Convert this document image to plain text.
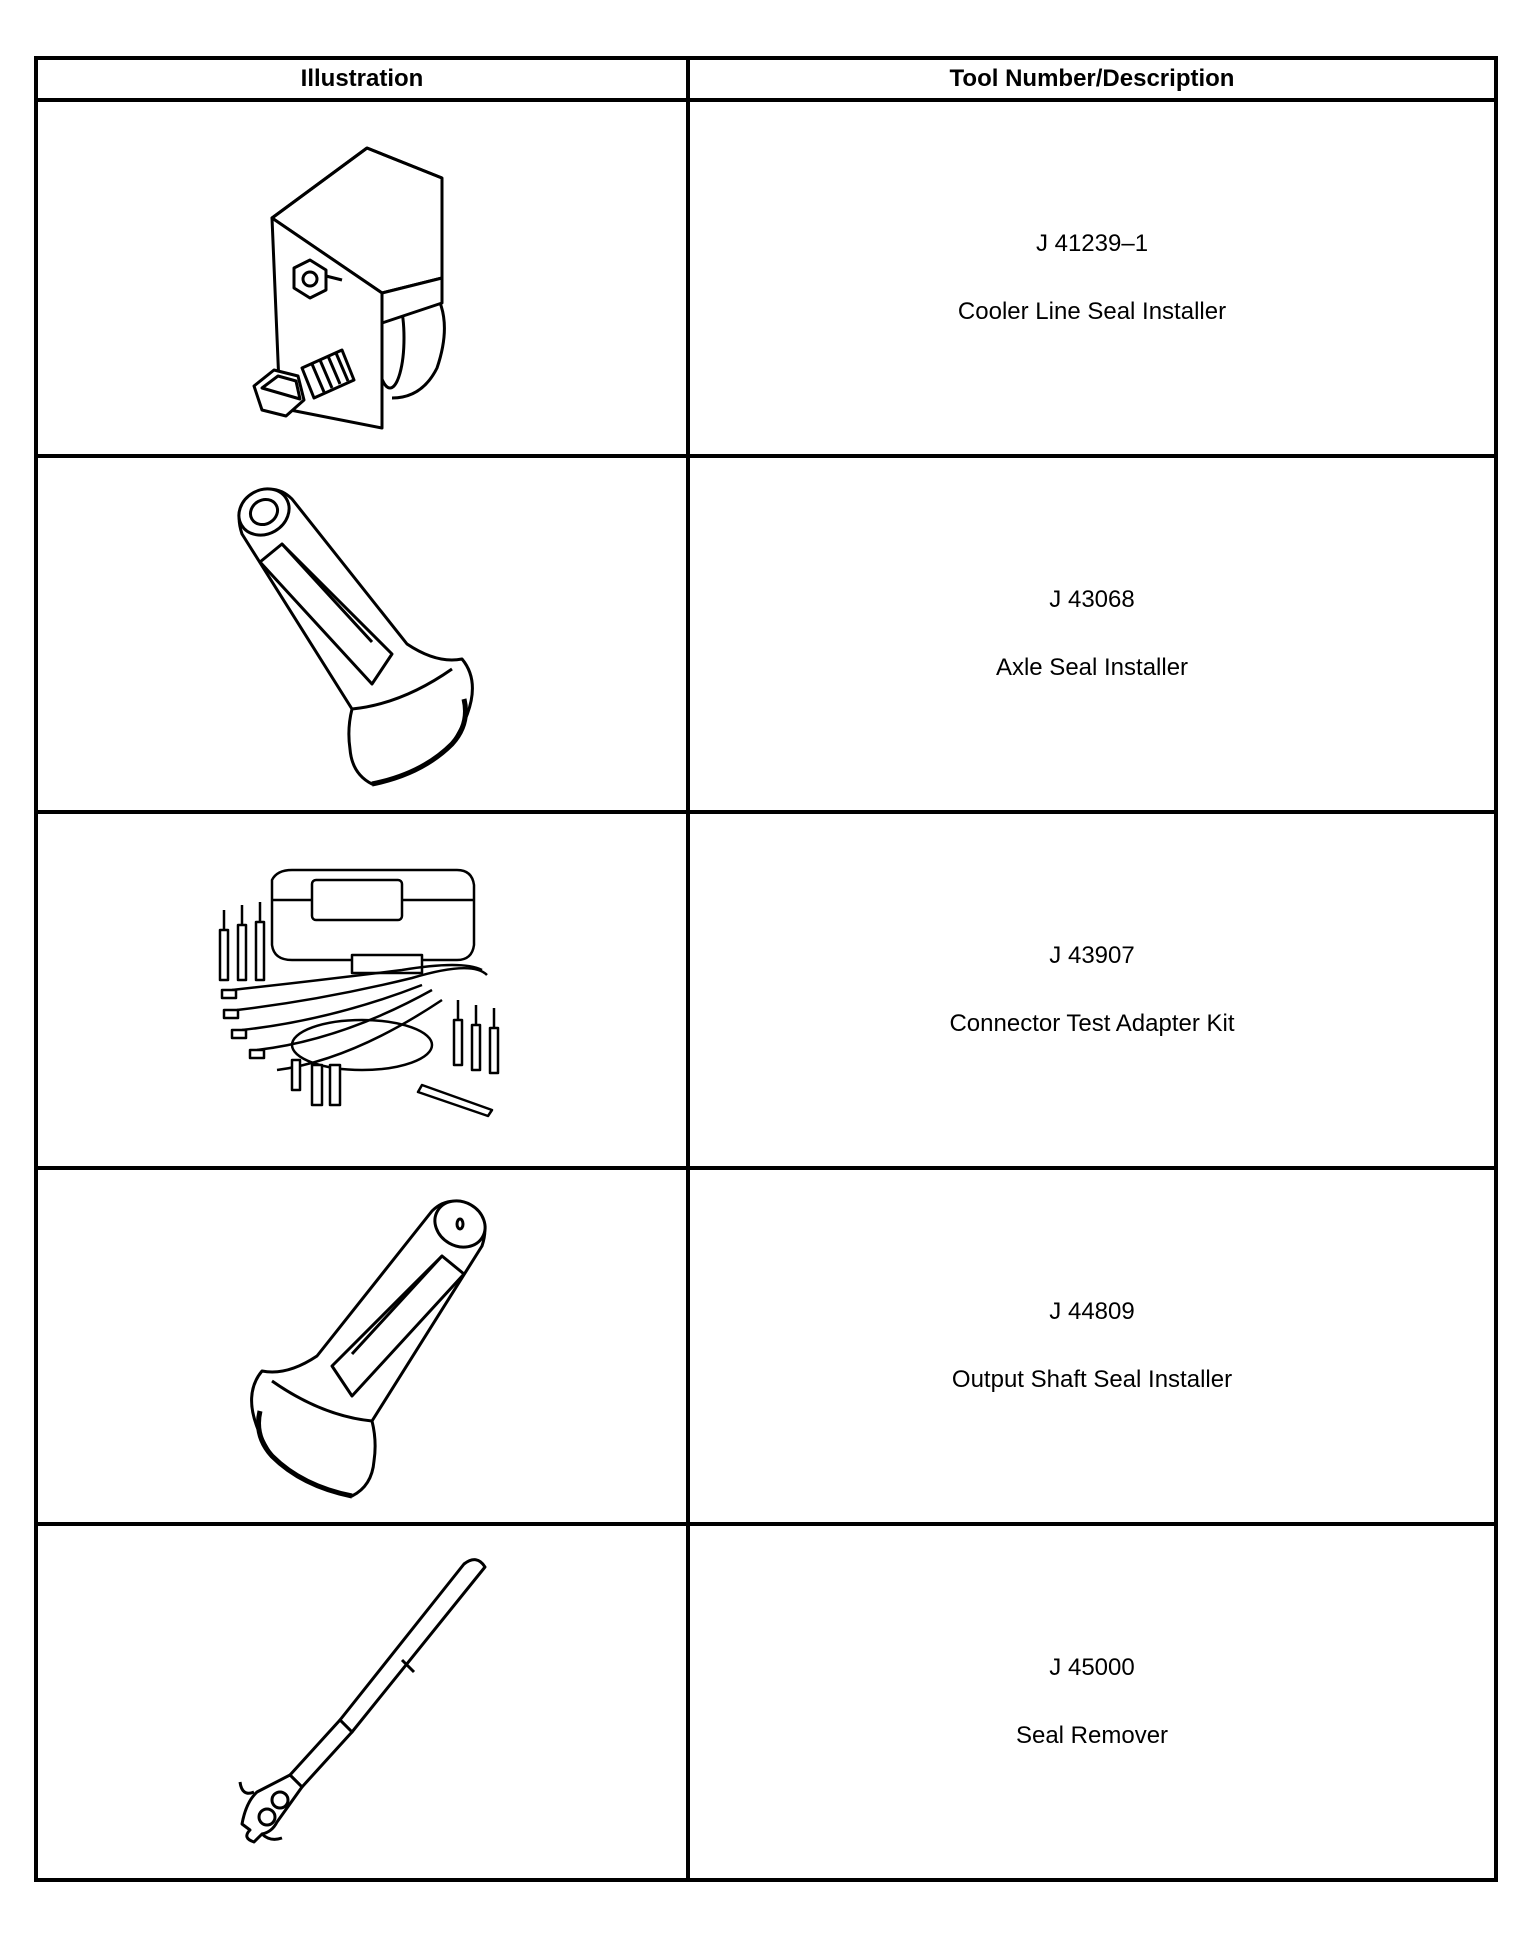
Illustration	Tool Number/Description

J 41239–1
Cooler Line Seal Installer

J 43068
Axle Seal Installer

J 43907
Connector Test Adapter Kit

J 44809
Output Shaft Seal Installer

J 45000
Seal Remover
